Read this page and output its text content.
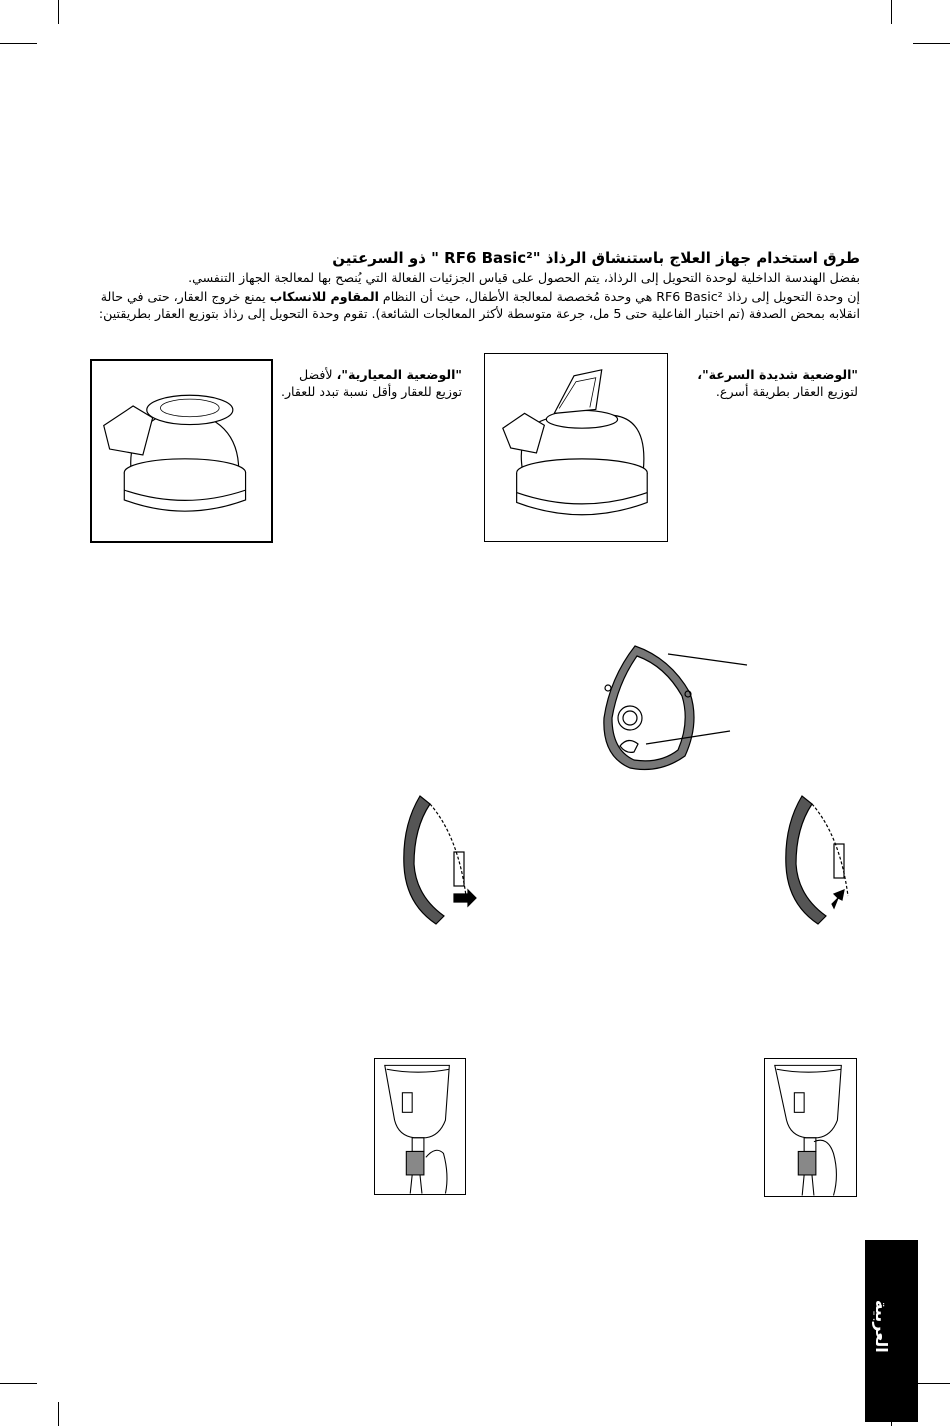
طرق استخدام جهاز العلاج باستنشاق الرذاذ "RF6 Basic² " ذو السرعتين
بفضل الهندسة الداخلية لوحدة التحويل إلى الرذاذ، يتم الحصول على قياس الجزئيات الفعالة التي يُنصح بها لمعالجة الجهاز التنفسي.
إن وحدة التحويل إلى رذاذ RF6 Basic² هي وحدة مُخصصة لمعالجة الأطفال، حيث أن النظام المقاوم للانسكاب يمنع خروج العقار، حتى في حالة انقلابه بمحض الصدفة (تم اختبار الفاعلية حتى 5 مل، جرعة متوسطة لأكثر المعالجات الشائعة). تقوم وحدة التحويل إلى رذاذ بتوزيع العقار بطريقتين:
"الوضعية شديدة السرعة"، لتوزيع العقار بطريقة أسرع.
"الوضعية المعيارية"، لأفضل توزيع للعقار وأقل نسبة تبدد للعقار.
العربية
